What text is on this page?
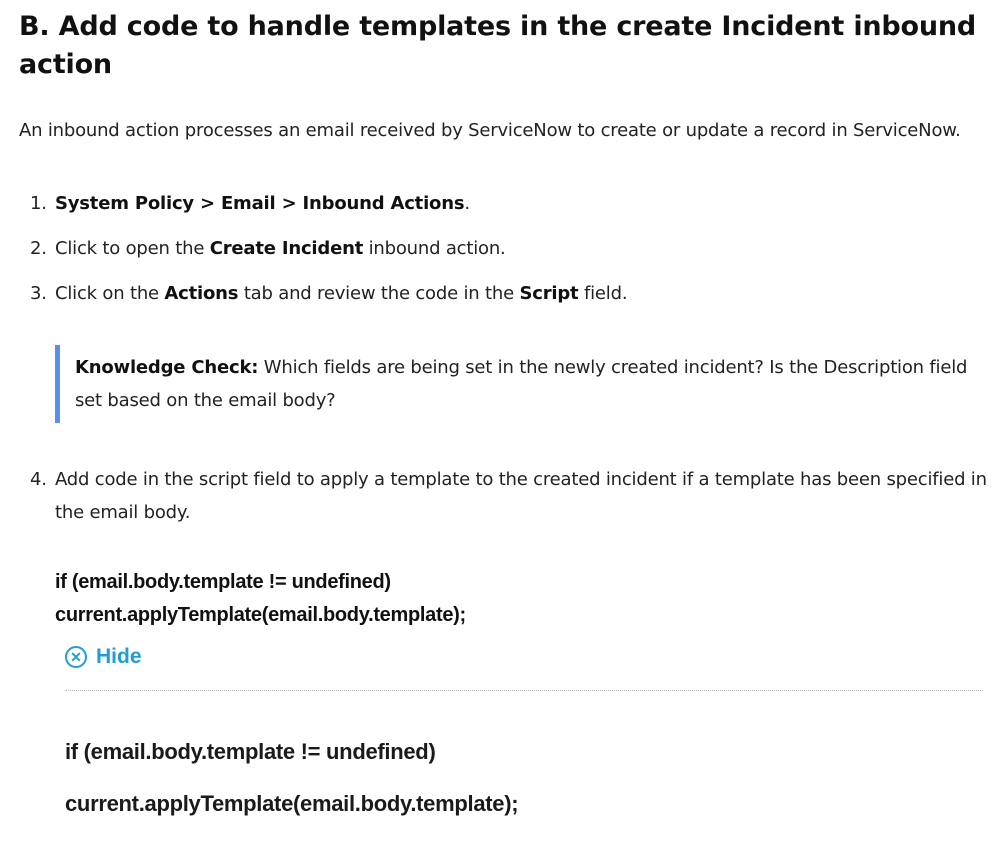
B. Add code to handle templates in the create Incident inbound action

An inbound action processes an email received by ServiceNow to create or update a record in ServiceNow.

1. System Policy > Email > Inbound Actions.
2. Click to open the Create Incident inbound action.
3. Click on the Actions tab and review the code in the Script field.
Knowledge Check: Which fields are being set in the newly created incident? Is the Description field set based on the email body?
4. Add code in the script field to apply a template to the created incident if a template has been specified in the email body.
if (email.body.template != undefined)
current.applyTemplate(email.body.template);
✕ Hide
if (email.body.template != undefined)
current.applyTemplate(email.body.template);
